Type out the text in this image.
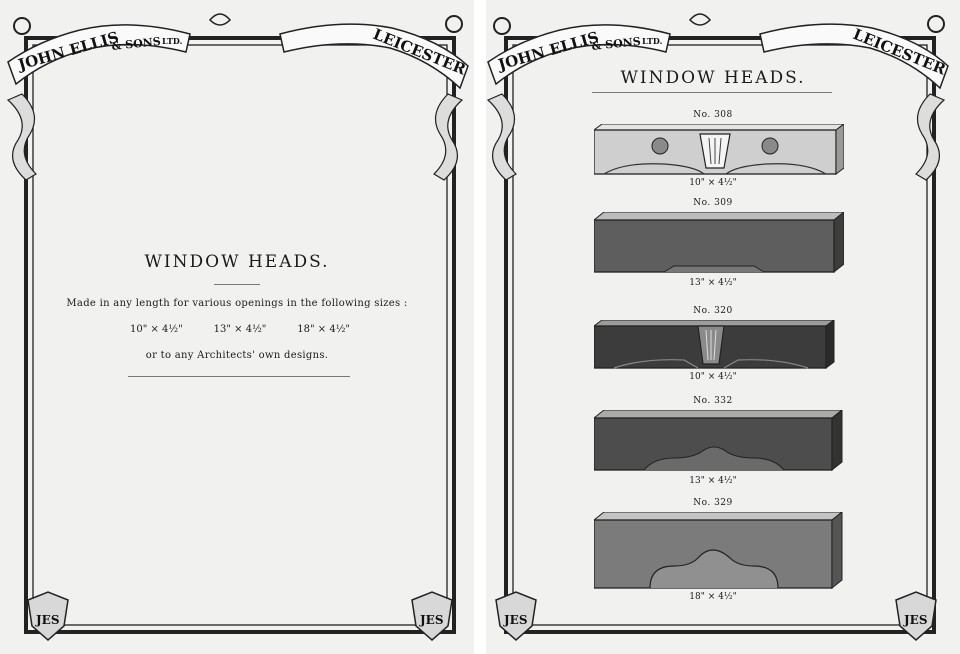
JOHN ELLIS
& SONS LTD.	LEICESTER
JES	JES
WINDOW HEADS.
Made in any length for various openings in the following sizes :
10" × 4½"	13" × 4½"	18" × 4½"
or to any Architects' own designs.
JOHN ELLIS
& SONS LTD.	LEICESTER
JES	JES
WINDOW HEADS.
No. 308
10" × 4½"
No. 309
13" × 4½"
No. 320
10" × 4½"
No. 332
13" × 4½"
No. 329
18" × 4½"
